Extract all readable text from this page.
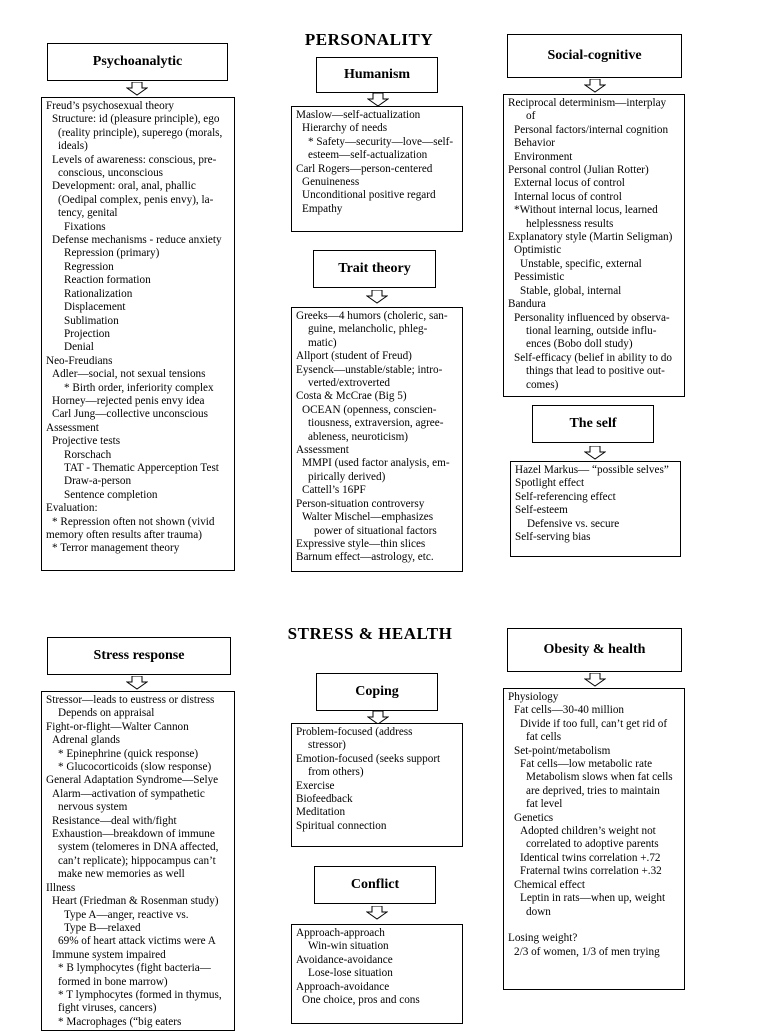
PERSONALITY
STRESS & HEALTH
Psychoanalytic
Freud’s psychosexual theory
Structure: id (pleasure principle), ego
(reality principle), superego (morals,
ideals)
Levels of awareness: conscious, pre-
conscious, unconscious
Development: oral, anal, phallic
(Oedipal complex, penis envy), la-
tency, genital
Fixations
Defense mechanisms - reduce anxiety
Repression (primary)
Regression
Reaction formation
Rationalization
Displacement
Sublimation
Projection
Denial
Neo-Freudians
Adler—social, not sexual tensions
* Birth order, inferiority complex
Horney—rejected penis envy idea
Carl Jung—collective unconscious
Assessment
Projective tests
Rorschach
TAT - Thematic Apperception Test
Draw-a-person
Sentence completion
Evaluation:
* Repression often not shown (vivid
memory often results after trauma)
* Terror management theory
Humanism
Maslow—self-actualization
Hierarchy of needs
* Safety—security—love—self-
esteem—self-actualization
Carl Rogers—person-centered
Genuineness
Unconditional positive regard
Empathy
Trait theory
Greeks—4 humors (choleric, san-
guine, melancholic, phleg-
matic)
Allport (student of Freud)
Eysenck—unstable/stable; intro-
verted/extroverted
Costa & McCrae (Big 5)
OCEAN (openness, conscien-
tiousness, extraversion, agree-
ableness, neuroticism)
Assessment
MMPI (used factor analysis, em-
pirically derived)
Cattell’s 16PF
Person-situation controversy
Walter Mischel—emphasizes
power of situational factors
Expressive style—thin slices
Barnum effect—astrology, etc.
Social-cognitive
Reciprocal determinism—interplay
of
Personal factors/internal cognition
Behavior
Environment
Personal control (Julian Rotter)
External locus of control
Internal locus of control
*Without internal locus, learned
helplessness results
Explanatory style (Martin Seligman)
Optimistic
Unstable, specific, external
Pessimistic
Stable, global, internal
Bandura
Personality influenced by observa-
tional learning, outside influ-
ences (Bobo doll study)
Self-efficacy (belief in ability to do
things that lead to positive out-
comes)
The self
Hazel Markus— “possible selves”
Spotlight effect
Self-referencing effect
Self-esteem
Defensive vs. secure
Self-serving bias
Stress response
Stressor—leads to eustress or distress
Depends on appraisal
Fight-or-flight—Walter Cannon
Adrenal glands
* Epinephrine (quick response)
* Glucocorticoids (slow response)
General Adaptation Syndrome—Selye
Alarm—activation of sympathetic
nervous system
Resistance—deal with/fight
Exhaustion—breakdown of immune
system (telomeres in DNA affected,
can’t replicate); hippocampus can’t
make new memories as well
Illness
Heart (Friedman & Rosenman study)
Type A—anger, reactive vs.
Type B—relaxed
69% of heart attack victims were A
Immune system impaired
* B lymphocytes (fight bacteria—
formed in bone marrow)
* T lymphocytes (formed in thymus,
fight viruses, cancers)
* Macrophages (“big eaters
Coping
Problem-focused (address
stressor)
Emotion-focused (seeks support
from others)
Exercise
Biofeedback
Meditation
Spiritual connection
Conflict
Approach-approach
Win-win situation
Avoidance-avoidance
Lose-lose situation
Approach-avoidance
One choice, pros and cons
Obesity & health
Physiology
Fat cells—30-40 million
Divide if too full, can’t get rid of
fat cells
Set-point/metabolism
Fat cells—low metabolic rate
Metabolism slows when fat cells
are deprived, tries to maintain
fat level
Genetics
Adopted children’s weight not
correlated to adoptive parents
Identical twins correlation +.72
Fraternal twins correlation +.32
Chemical effect
Leptin in rats—when up, weight
down

Losing weight?
2/3 of women, 1/3 of men trying
